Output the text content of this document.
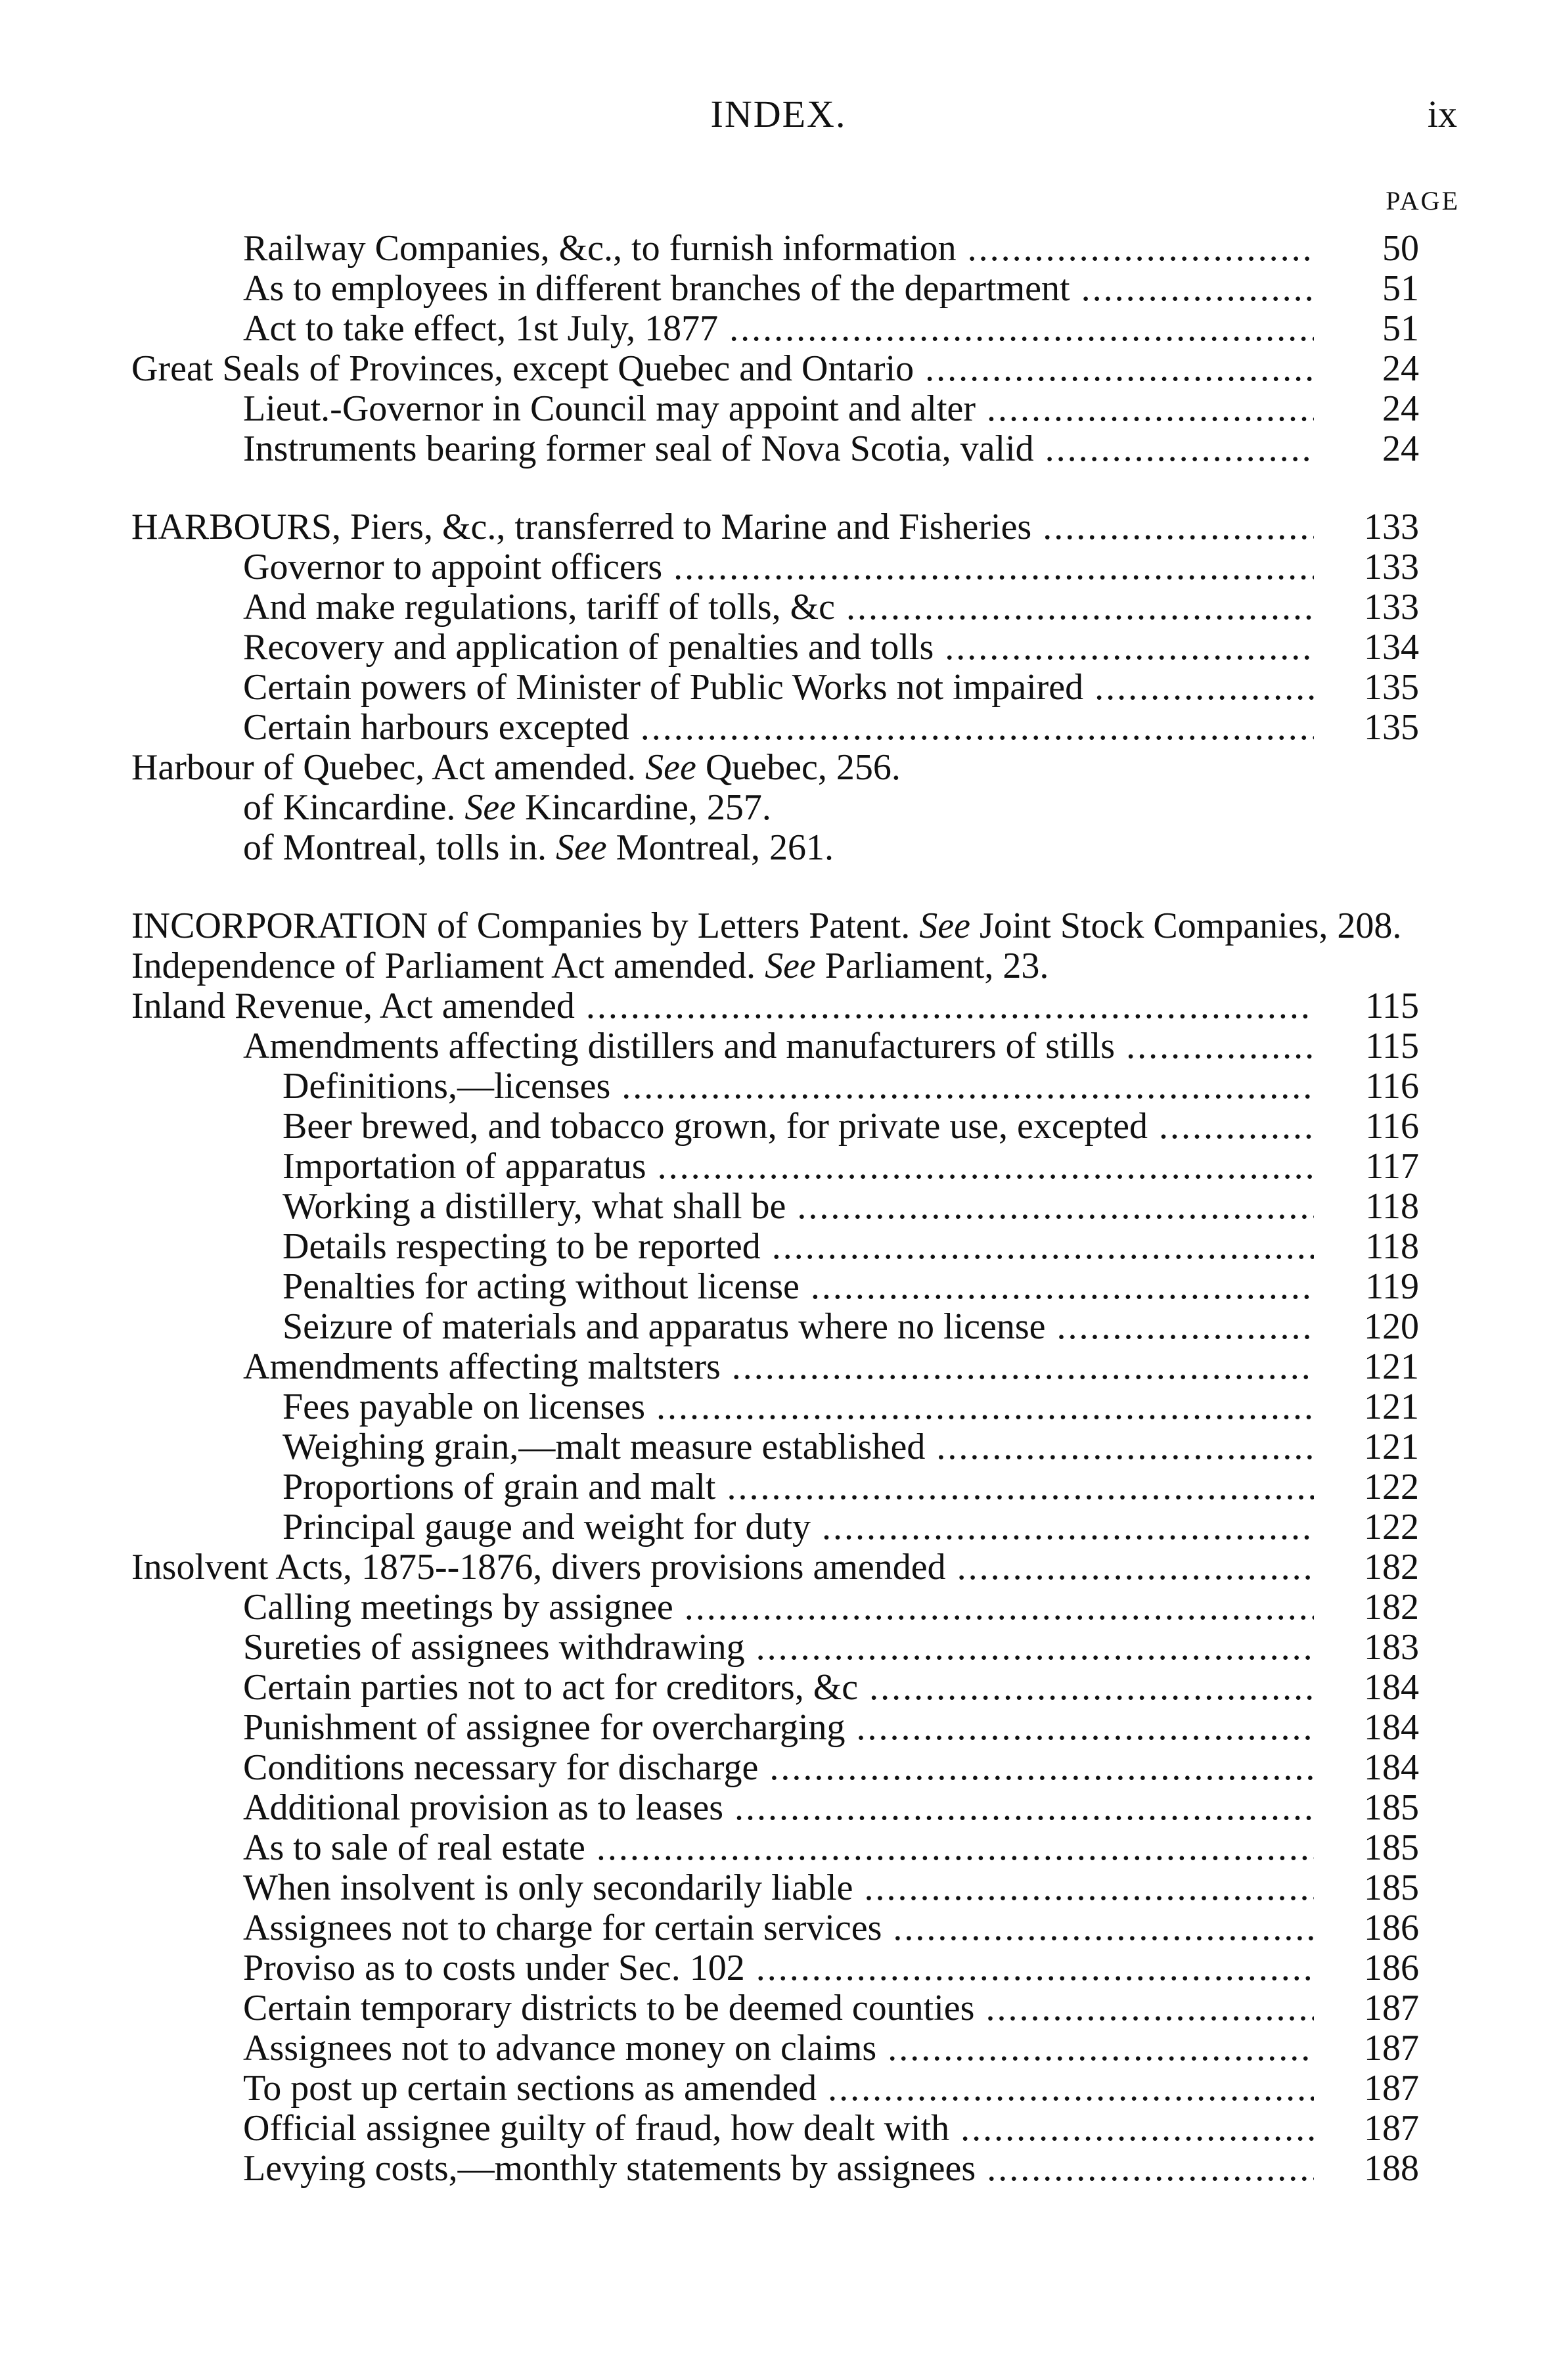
INDEX.	ix
PAGE
Railway Companies, &c., to furnish information .....	50
As to employees in different branches of the department .....	51
Act to take effect, 1st July, 1877 .....	51
Great Seals of Provinces, except Quebec and Ontario .....	24
Lieut.-Governor in Council may appoint and alter .....	24
Instruments bearing former seal of Nova Scotia, valid .....	24
HARBOURS, Piers, &c., transferred to Marine and Fisheries .....	133
Governor to appoint officers .....	133
And make regulations, tariff of tolls, &c .....	133
Recovery and application of penalties and tolls .....	134
Certain powers of Minister of Public Works not impaired .....	135
Certain harbours excepted .....	135
Harbour of Quebec, Act amended. See Quebec, 256.
of Kincardine. See Kincardine, 257.
of Montreal, tolls in. See Montreal, 261.
INCORPORATION of Companies by Letters Patent. See Joint Stock Companies, 208.
Independence of Parliament Act amended. See Parliament, 23.
Inland Revenue, Act amended .....	115
Amendments affecting distillers and manufacturers of stills .....	115
Definitions,—licenses .....	116
Beer brewed, and tobacco grown, for private use, excepted .....	116
Importation of apparatus .....	117
Working a distillery, what shall be .....	118
Details respecting to be reported .....	118
Penalties for acting without license .....	119
Seizure of materials and apparatus where no license .....	120
Amendments affecting maltsters .....	121
Fees payable on licenses .....	121
Weighing grain,—malt measure established .....	121
Proportions of grain and malt .....	122
Principal gauge and weight for duty .....	122
Insolvent Acts, 1875--1876, divers provisions amended .....	182
Calling meetings by assignee .....	182
Sureties of assignees withdrawing .....	183
Certain parties not to act for creditors, &c .....	184
Punishment of assignee for overcharging .....	184
Conditions necessary for discharge .....	184
Additional provision as to leases .....	185
As to sale of real estate .....	185
When insolvent is only secondarily liable .....	185
Assignees not to charge for certain services .....	186
Proviso as to costs under Sec. 102 .....	186
Certain temporary districts to be deemed counties .....	187
Assignees not to advance money on claims .....	187
To post up certain sections as amended .....	187
Official assignee guilty of fraud, how dealt with .....	187
Levying costs,—monthly statements by assignees .....	188
